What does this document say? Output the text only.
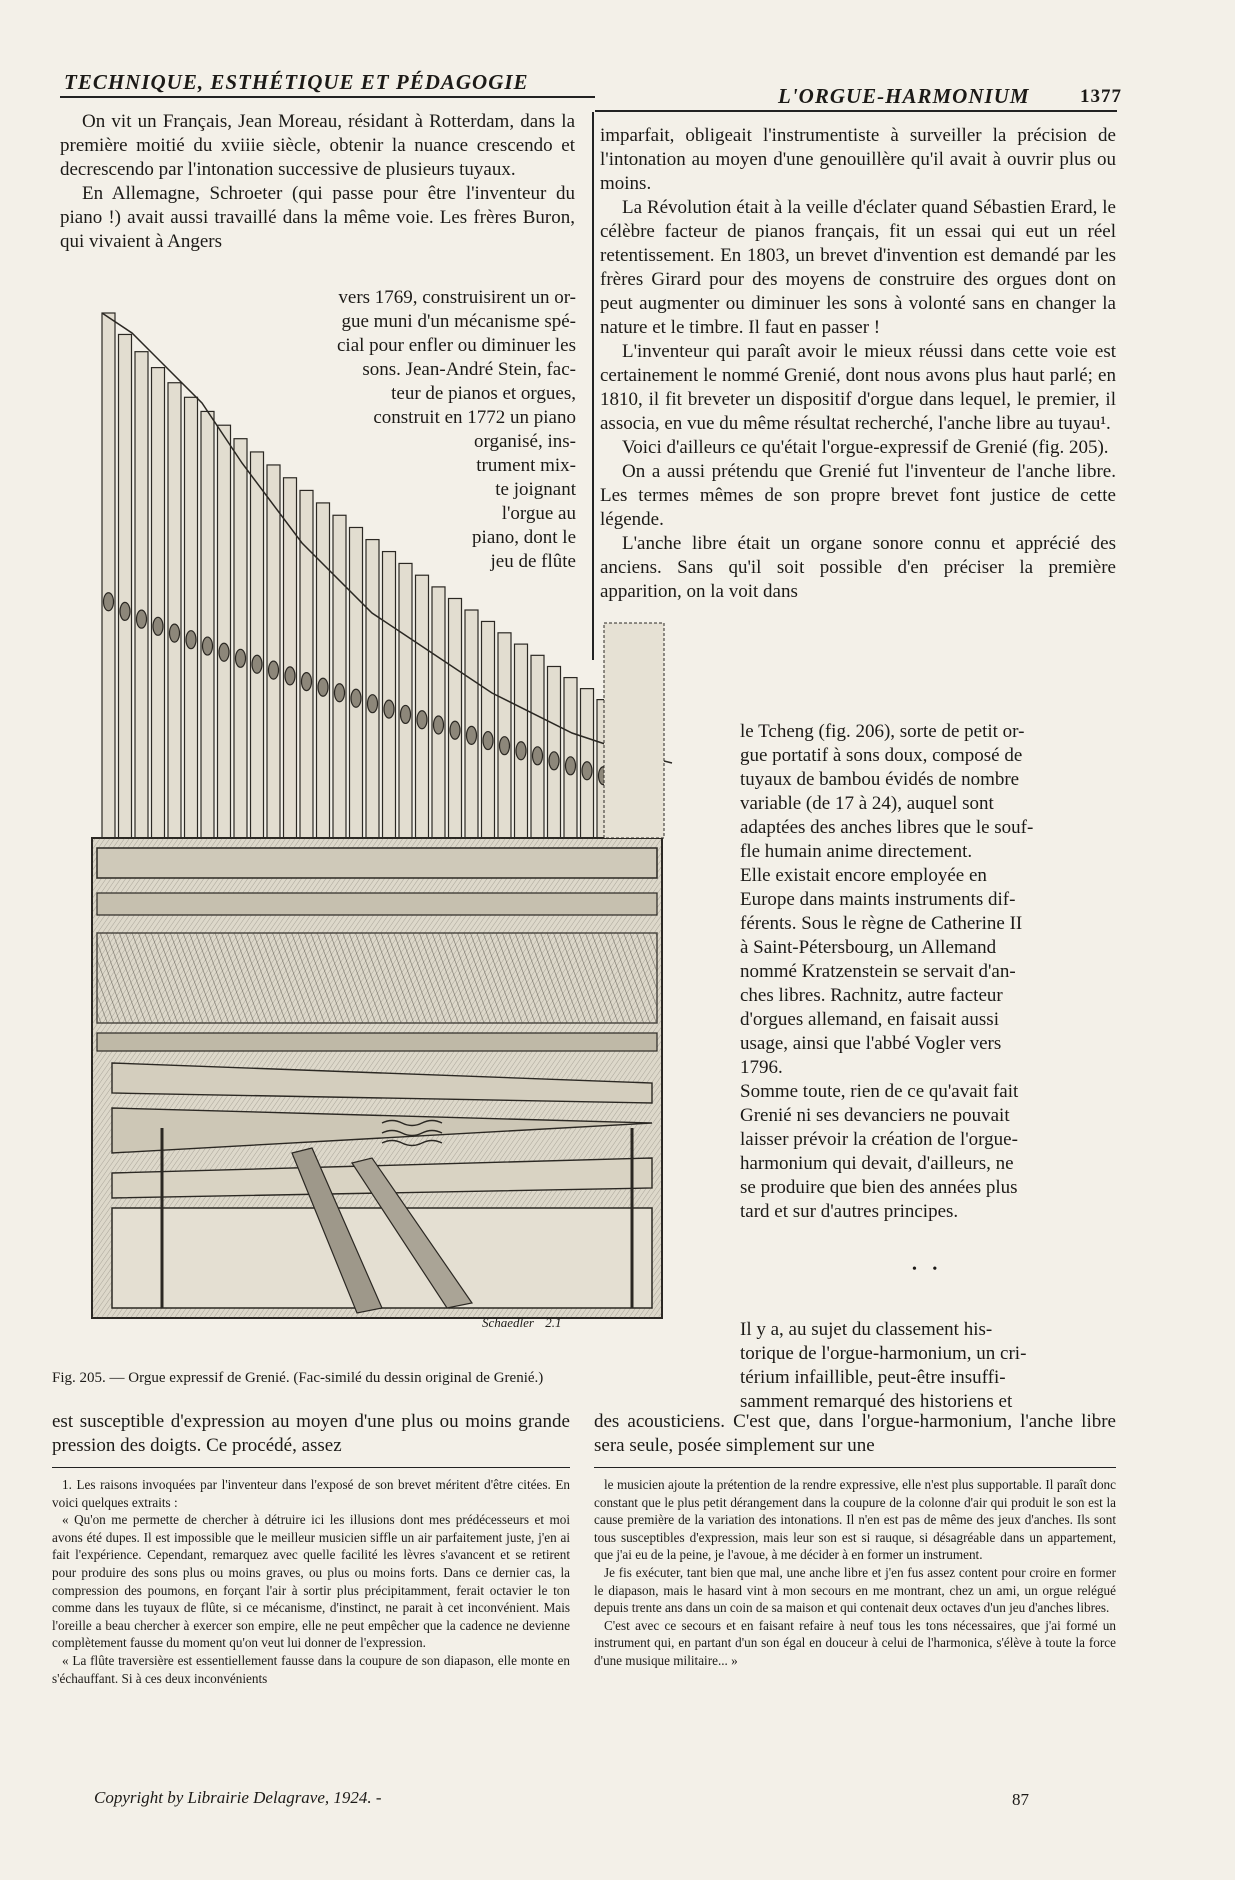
TECHNIQUE, ESTHÉTIQUE ET PÉDAGOGIE
L'ORGUE-HARMONIUM	1377

On vit un Français, Jean Moreau, résidant à Rotterdam, dans la première moitié du xviiie siècle, obtenir la nuance crescendo et decrescendo par l'intonation successive de plusieurs tuyaux.

En Allemagne, Schroeter (qui passe pour être l'inventeur du piano !) avait aussi travaillé dans la même voie. Les frères Buron, qui vivaient à Angers

vers 1769, construisirent un or-
gue muni d'un mécanisme spé-
cial pour enfler ou diminuer les
sons. Jean-André Stein, fac-
teur de pianos et orgues,
construit en 1772 un piano
organisé, ins-
trument mix-
te joignant
l'orgue au
piano, dont le
jeu de flûte
Schaedler 2.1

imparfait, obligeait l'instrumentiste à surveiller la précision de l'intonation au moyen d'une genouillère qu'il avait à ouvrir plus ou moins.

La Révolution était à la veille d'éclater quand Sébastien Erard, le célèbre facteur de pianos français, fit un essai qui eut un réel retentissement. En 1803, un brevet d'invention est demandé par les frères Girard pour des moyens de construire des orgues dont on peut augmenter ou diminuer les sons à volonté sans en changer la nature et le timbre. Il faut en passer !

L'inventeur qui paraît avoir le mieux réussi dans cette voie est certainement le nommé Grenié, dont nous avons plus haut parlé; en 1810, il fit breveter un dispositif d'orgue dans lequel, le premier, il associa, en vue du même résultat recherché, l'anche libre au tuyau¹.

Voici d'ailleurs ce qu'était l'orgue-expressif de Grenié (fig. 205).

On a aussi prétendu que Grenié fut l'inventeur de l'anche libre. Les termes mêmes de son propre brevet font justice de cette légende.

L'anche libre était un organe sonore connu et apprécié des anciens. Sans qu'il soit possible d'en préciser la première apparition, on la voit dans

le Tcheng (fig. 206), sorte de petit or-
gue portatif à sons doux, composé de
tuyaux de bambou évidés de nombre
variable (de 17 à 24), auquel sont
adaptées des anches libres que le souf-
fle humain anime directement.
Elle existait encore employée en
Europe dans maints instruments dif-
férents. Sous le règne de Catherine II
à Saint-Pétersbourg, un Allemand
nommé Kratzenstein se servait d'an-
ches libres. Rachnitz, autre facteur
d'orgues allemand, en faisait aussi
usage, ainsi que l'abbé Vogler vers
1796.
Somme toute, rien de ce qu'avait fait
Grenié ni ses devanciers ne pouvait
laisser prévoir la création de l'orgue-
harmonium qui devait, d'ailleurs, ne
se produire que bien des années plus
tard et sur d'autres principes.
• •
Il y a, au sujet du classement his-
torique de l'orgue-harmonium, un cri-
térium infaillible, peut-être insuffi-
samment remarqué des historiens et
Fig. 205. — Orgue expressif de Grenié. (Fac-similé du dessin original de Grenié.)

est susceptible d'expression au moyen d'une plus ou moins grande pression des doigts. Ce procédé, assez

des acousticiens. C'est que, dans l'orgue-harmonium, l'anche libre sera seule, posée simplement sur une

1. Les raisons invoquées par l'inventeur dans l'exposé de son brevet méritent d'être citées. En voici quelques extraits :

« Qu'on me permette de chercher à détruire ici les illusions dont mes prédécesseurs et moi avons été dupes. Il est impossible que le meilleur musicien siffle un air parfaitement juste, j'en ai fait l'expérience. Cependant, remarquez avec quelle facilité les lèvres s'avancent et se retirent pour produire des sons plus ou moins graves, ou plus ou moins forts. Dans ce dernier cas, la compression des poumons, en forçant l'air à sortir plus précipitamment, ferait octavier le ton comme dans les tuyaux de flûte, si ce mécanisme, d'instinct, ne parait à cet inconvénient. Mais l'oreille a beau chercher à exercer son empire, elle ne peut empêcher que la cadence ne devienne complètement fausse du moment qu'on veut lui donner de l'expression.

« La flûte traversière est essentiellement fausse dans la coupure de son diapason, elle monte en s'échauffant. Si à ces deux inconvénients

le musicien ajoute la prétention de la rendre expressive, elle n'est plus supportable. Il paraît donc constant que le plus petit dérangement dans la coupure de la colonne d'air qui produit le son est la cause première de la variation des intonations. Il n'en est pas de même des jeux d'anches. Ils sont tous susceptibles d'expression, mais leur son est si rauque, si désagréable dans un appartement, que j'ai eu de la peine, je l'avoue, à me décider à en former un instrument.

Je fis exécuter, tant bien que mal, une anche libre et j'en fus assez content pour croire en former le diapason, mais le hasard vint à mon secours en me montrant, chez un ami, un orgue relégué depuis trente ans dans un coin de sa maison et qui contenait deux octaves d'un jeu d'anches libres.

C'est avec ce secours et en faisant refaire à neuf tous les tons nécessaires, que j'ai formé un instrument qui, en partant d'un son égal en douceur à celui de l'harmonica, s'élève à toute la force d'une musique militaire... »

Copyright by Librairie Delagrave, 1924. -	87
